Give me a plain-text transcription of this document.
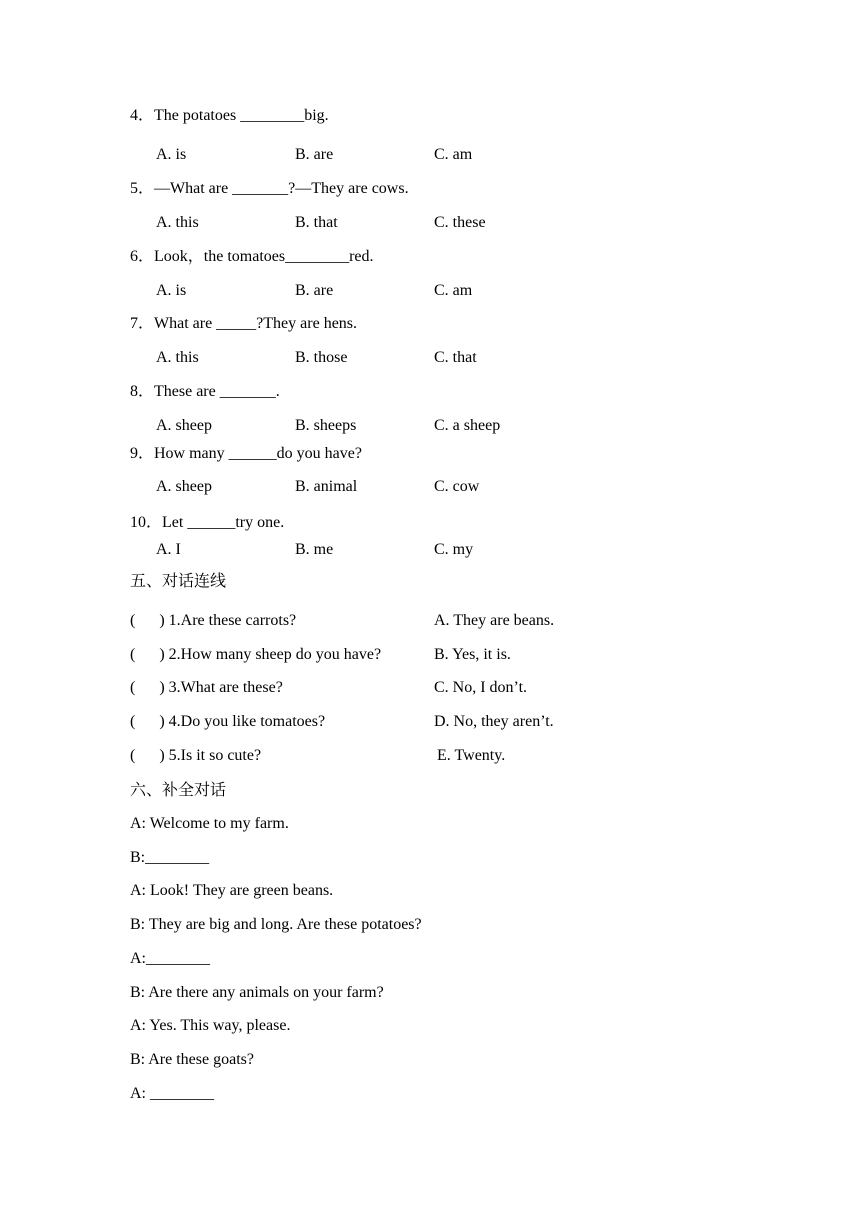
4．The potatoes ________big.
A. is	B. are	C. am
5．—What are _______?—They are cows.
A. this	B. that	C. these
6．Look，the tomatoes________red.
A. is	B. are	C. am
7．What are _____?They are hens.
A. this	B. those	C. that
8．These are _______.
A. sheep	B. sheeps	C. a sheep
9．How many ______do you have?
A. sheep	B. animal	C. cow
10．Let ______try one.
A. I	B. me	C. my
五、对话连线
(      ) 1.Are these carrots?	A. They are beans.
(      ) 2.How many sheep do you have?	B. Yes, it is.
(      ) 3.What are these?	C. No, I don’t.
(      ) 4.Do you like tomatoes?	D. No, they aren’t.
(      ) 5.Is it so cute?	E. Twenty.
六、补全对话
A: Welcome to my farm.
B:________
A: Look! They are green beans.
B: They are big and long. Are these potatoes?
A:________
B: Are there any animals on your farm?
A: Yes. This way, please.
B: Are these goats?
A: ________
